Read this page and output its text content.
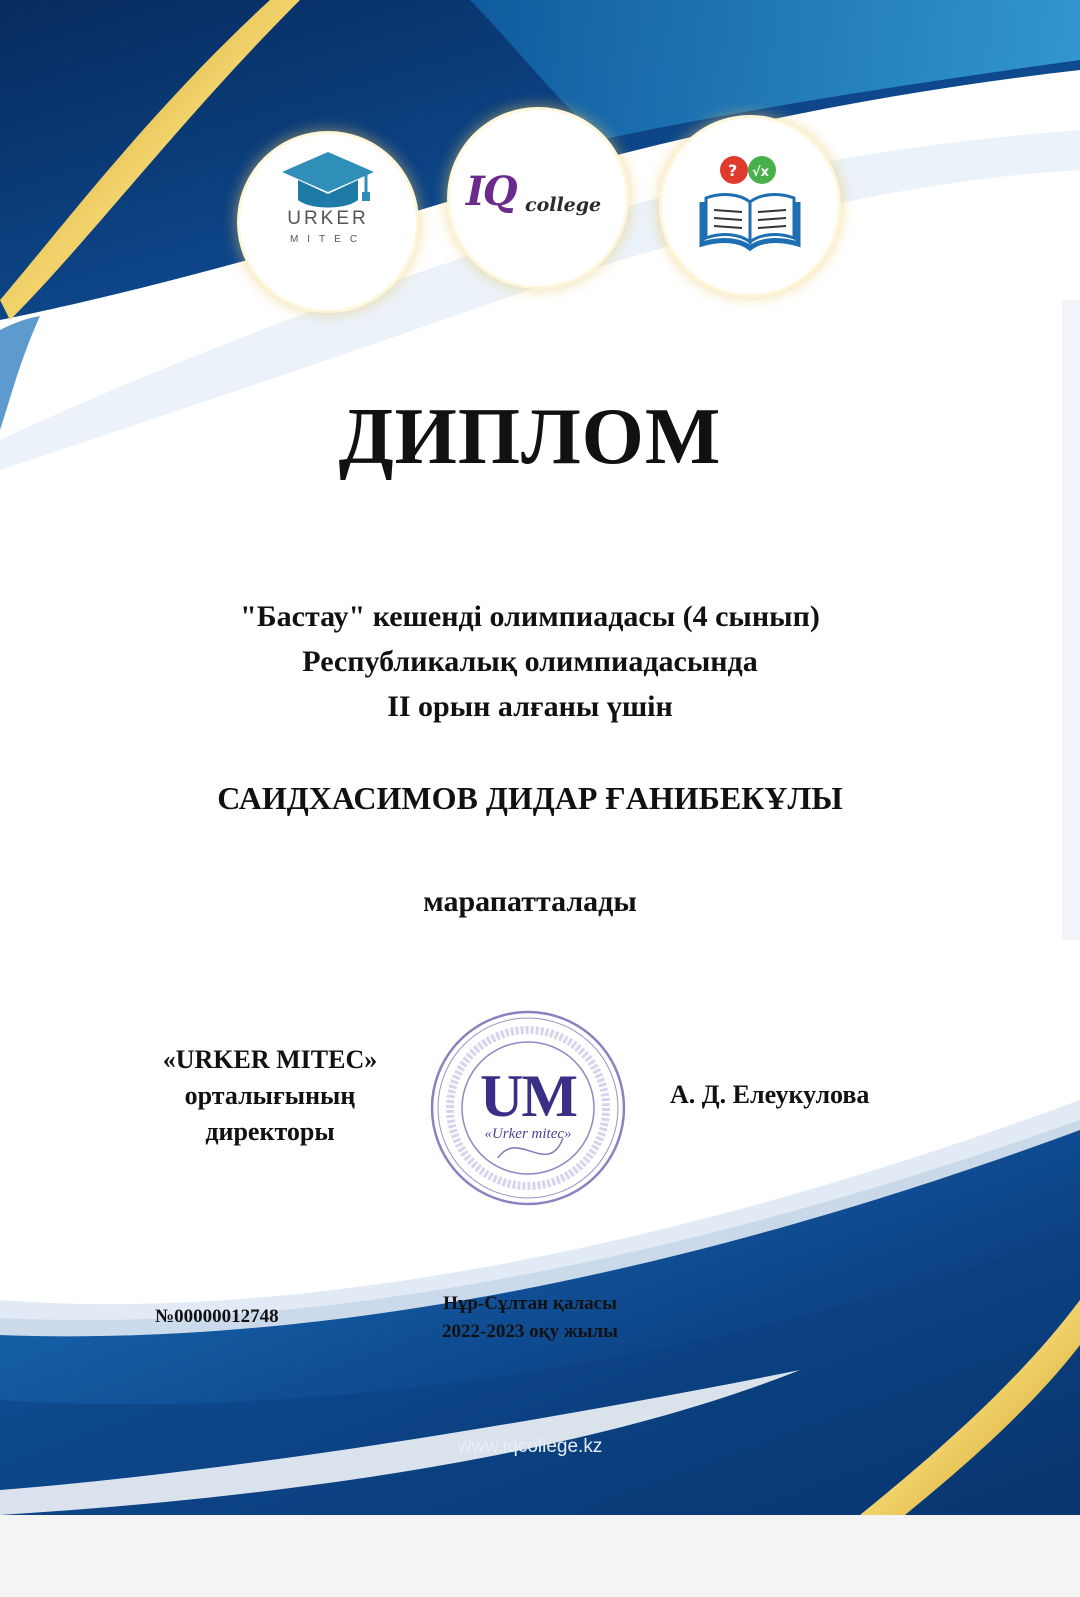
URKER
MITEC
IQ college
? √x
ДИПЛОМ
"Бастау" кешенді олимпиадасы (4 сынып)
Республикалық олимпиадасында
II орын алғаны үшін
САИДХАСИМОВ ДИДАР ҒАНИБЕКҰЛЫ
марапатталады
«URKER MITEC»
орталығының
директоры
UM
«Urker mitec»
А. Д. Елеукулова
№00000012748
Нұр-Сұлтан қаласы
2022-2023 оқу жылы
www.iqcollege.kz
